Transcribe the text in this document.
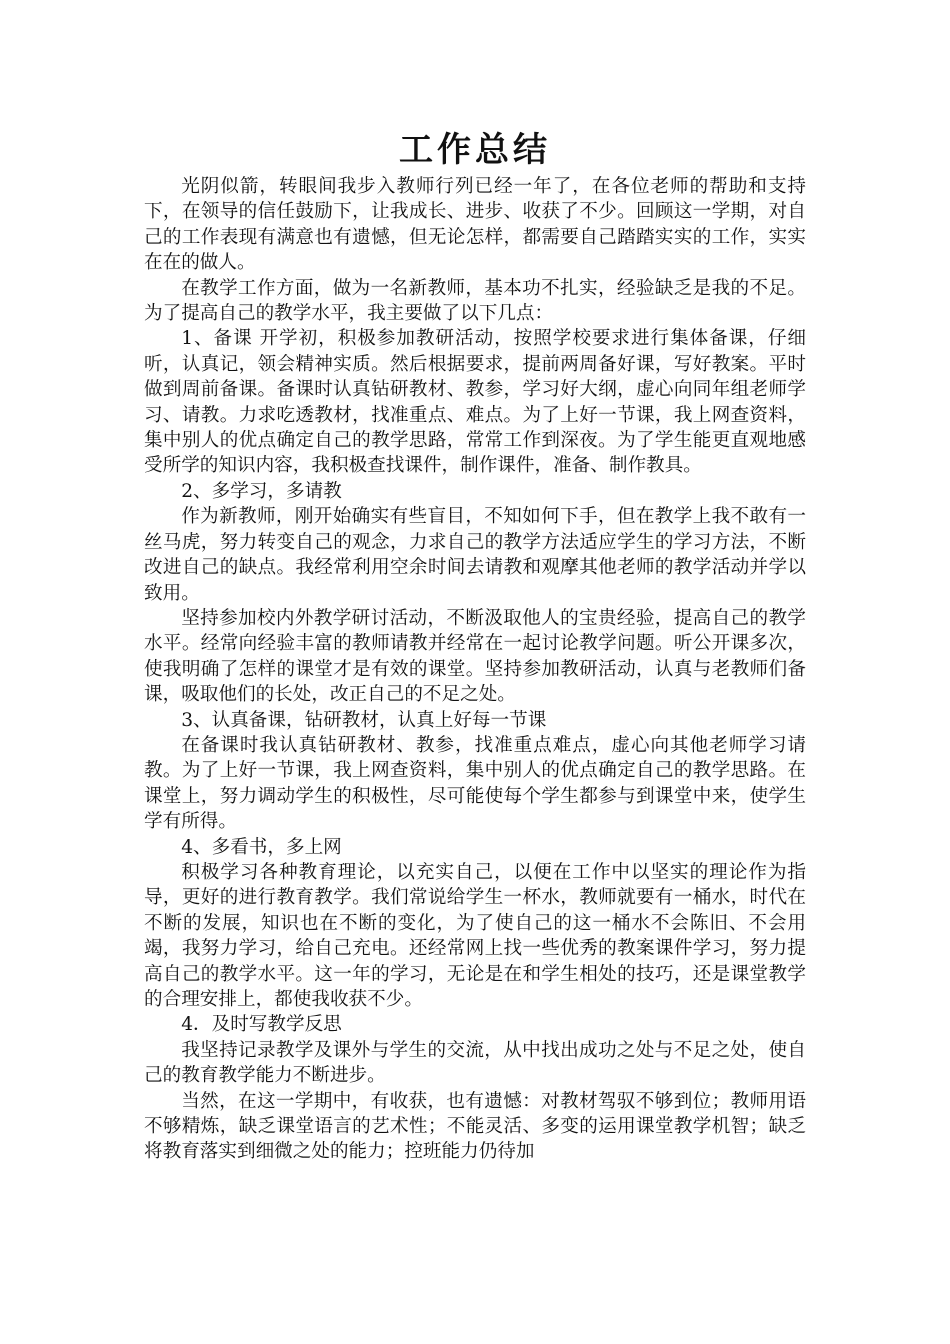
工作总结

光阴似箭，转眼间我步入教师行列已经一年了，在各位老师的帮助和支持下，在领导的信任鼓励下，让我成长、进步、收获了不少。回顾这一学期，对自己的工作表现有满意也有遗憾，但无论怎样，都需要自己踏踏实实的工作，实实在在的做人。

在教学工作方面，做为一名新教师，基本功不扎实，经验缺乏是我的不足。为了提高自己的教学水平，我主要做了以下几点：

1、备课 开学初，积极参加教研活动，按照学校要求进行集体备课，仔细听，认真记，领会精神实质。然后根据要求，提前两周备好课，写好教案。平时做到周前备课。备课时认真钻研教材、教参，学习好大纲，虚心向同年组老师学习、请教。力求吃透教材，找准重点、难点。为了上好一节课，我上网查资料，集中别人的优点确定自己的教学思路，常常工作到深夜。为了学生能更直观地感受所学的知识内容，我积极查找课件，制作课件，准备、制作教具。

2、多学习，多请教

作为新教师，刚开始确实有些盲目，不知如何下手，但在教学上我不敢有一丝马虎，努力转变自己的观念，力求自己的教学方法适应学生的学习方法，不断改进自己的缺点。我经常利用空余时间去请教和观摩其他老师的教学活动并学以致用。

坚持参加校内外教学研讨活动，不断汲取他人的宝贵经验，提高自己的教学水平。经常向经验丰富的教师请教并经常在一起讨论教学问题。听公开课多次，使我明确了怎样的课堂才是有效的课堂。坚持参加教研活动，认真与老教师们备课，吸取他们的长处，改正自己的不足之处。

3、认真备课，钻研教材，认真上好每一节课

在备课时我认真钻研教材、教参，找准重点难点，虚心向其他老师学习请教。为了上好一节课，我上网查资料，集中别人的优点确定自己的教学思路。在课堂上，努力调动学生的积极性，尽可能使每个学生都参与到课堂中来，使学生学有所得。

4、多看书，多上网

积极学习各种教育理论，以充实自己，以便在工作中以坚实的理论作为指导，更好的进行教育教学。我们常说给学生一杯水，教师就要有一桶水，时代在不断的发展，知识也在不断的变化，为了使自己的这一桶水不会陈旧、不会用竭，我努力学习，给自己充电。还经常网上找一些优秀的教案课件学习，努力提高自己的教学水平。这一年的学习，无论是在和学生相处的技巧，还是课堂教学的合理安排上，都使我收获不少。

4．及时写教学反思

我坚持记录教学及课外与学生的交流，从中找出成功之处与不足之处，使自己的教育教学能力不断进步。

当然，在这一学期中，有收获，也有遗憾：对教材驾驭不够到位；教师用语不够精炼，缺乏课堂语言的艺术性；不能灵活、多变的运用课堂教学机智；缺乏将教育落实到细微之处的能力；控班能力仍待加
